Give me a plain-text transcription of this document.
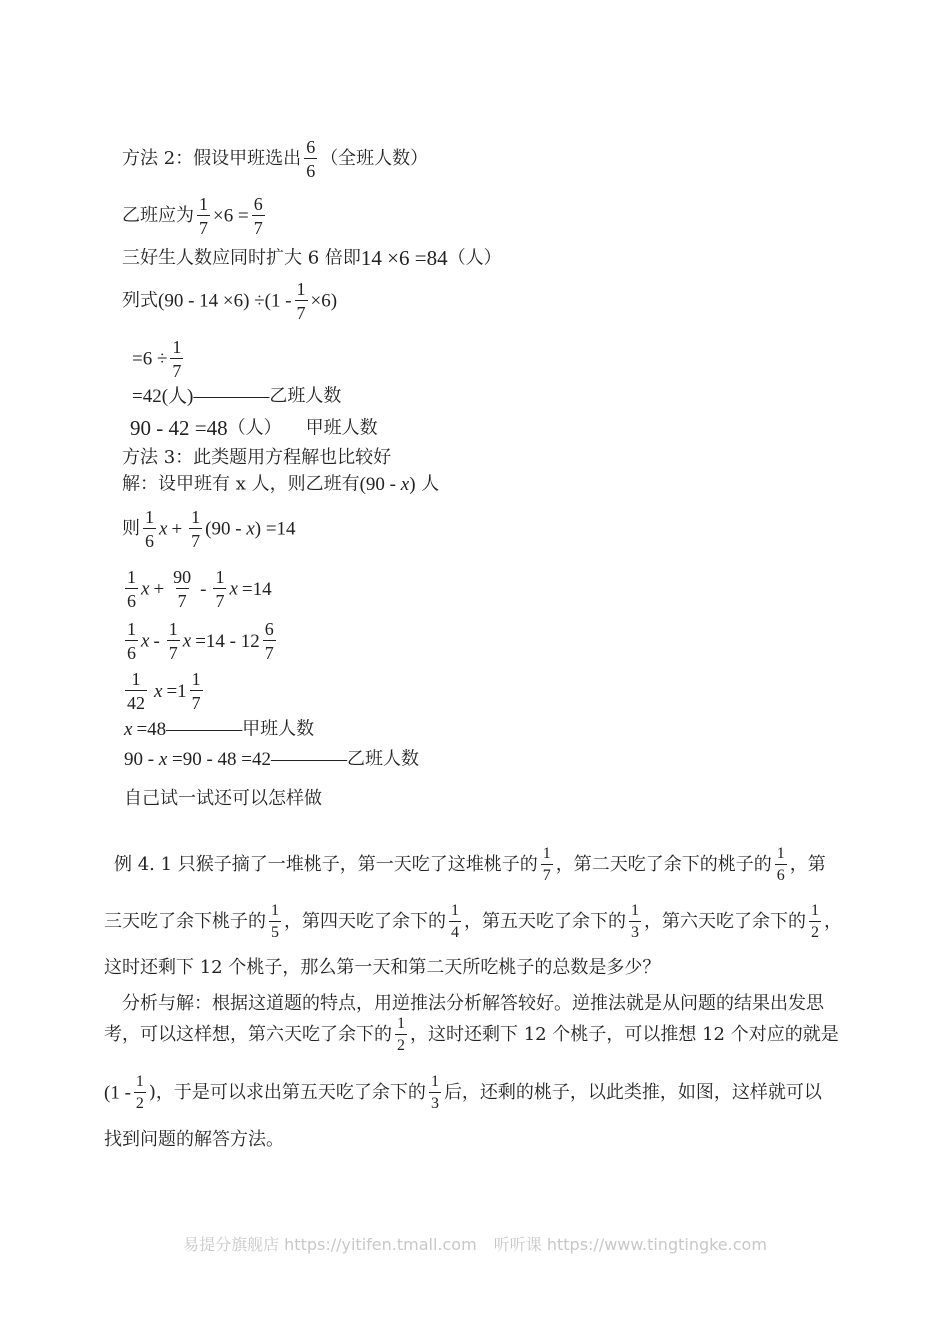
方法 2：假设甲班选出 $\frac{6}{6}$ （全班人数）
乙班应为 $\frac{1}{7} \times 6 = \frac{6}{7}$
三好生人数应同时扩大 6 倍即14 ×6 =84（人）
列式$(90 - 14 \times 6) \div(1 - \frac{1}{7} \times 6)$
$=6 \div \frac{1}{7}$
=42(人)————乙班人数
90 - 42 =48（人） 甲班人数
方法 3：此类题用方程解也比较好
解：设甲班有 x 人，则乙班有(90 - x) 人
则 $\frac{1}{6}$ $x + \frac{1}{7} (90 - x) =14$
$\frac{1}{6}$ $x + \frac{90}{7} - \frac{1}{7}$ x =14
$\frac{1}{6}$ x - $\frac{1}{7}$ $x =14 - 12 \frac{6}{7}$
$\frac{1}{42}$ $x =1 \frac{1}{7}$
x =48————甲班人数
90 - x =90 - 48 =42————乙班人数
自己试一试还可以怎样做
例 4. 1 只猴子摘了一堆桃子，第一天吃了这堆桃子的 $\frac{1}{7}$ ，第二天吃了余下的桃子的 $\frac{1}{6}$ ，第
三天吃了余下桃子的 $\frac{1}{5}$ ，第四天吃了余下的 $\frac{1}{4}$ ，第五天吃了余下的 $\frac{1}{3}$ ，第六天吃了余下的 $\frac{1}{2}$ ，
这时还剩下 12 个桃子，那么第一天和第二天所吃桃子的总数是多少？
分析与解：根据这道题的特点，用逆推法分析解答较好。逆推法就是从问题的结果出发思
考，可以这样想，第六天吃了余下的 $\frac{1}{2}$ ，这时还剩下 12 个桃子，可以推想 12 个对应的就是
($1 - \frac{1}{2}$ )，于是可以求出第五天吃了余下的 $\frac{1}{3}$ 后，还剩的桃子，以此类推，如图，这样就可以
找到问题的解答方法。
易提分旗舰店 https://yitifen.tmall.com 听听课 https://www.tingtingke.com
